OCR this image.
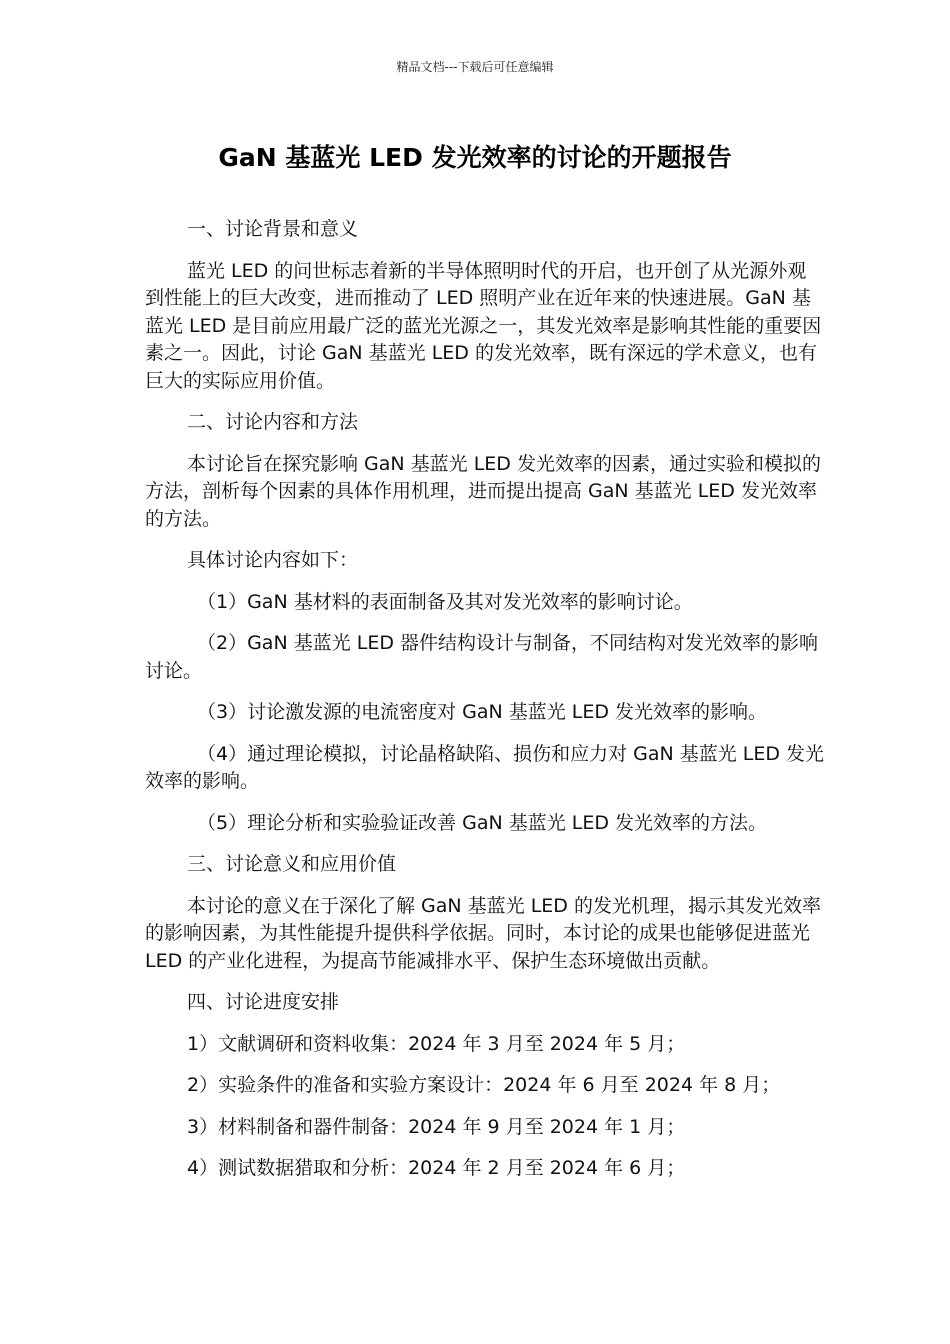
精品文档---下载后可任意编辑
GaN 基蓝光 LED 发光效率的讨论的开题报告
一、讨论背景和意义
蓝光 LED 的问世标志着新的半导体照明时代的开启，也开创了从光源外观到性能上的巨大改变，进而推动了 LED 照明产业在近年来的快速进展。GaN 基蓝光 LED 是目前应用最广泛的蓝光光源之一，其发光效率是影响其性能的重要因素之一。因此，讨论 GaN 基蓝光 LED 的发光效率，既有深远的学术意义，也有巨大的实际应用价值。
二、讨论内容和方法
本讨论旨在探究影响 GaN 基蓝光 LED 发光效率的因素，通过实验和模拟的方法，剖析每个因素的具体作用机理，进而提出提高 GaN 基蓝光 LED 发光效率的方法。
具体讨论内容如下：
（1）GaN 基材料的表面制备及其对发光效率的影响讨论。
（2）GaN 基蓝光 LED 器件结构设计与制备，不同结构对发光效率的影响讨论。
（3）讨论激发源的电流密度对 GaN 基蓝光 LED 发光效率的影响。
（4）通过理论模拟，讨论晶格缺陷、损伤和应力对 GaN 基蓝光 LED 发光效率的影响。
（5）理论分析和实验验证改善 GaN 基蓝光 LED 发光效率的方法。
三、讨论意义和应用价值
本讨论的意义在于深化了解 GaN 基蓝光 LED 的发光机理，揭示其发光效率的影响因素，为其性能提升提供科学依据。同时，本讨论的成果也能够促进蓝光 LED 的产业化进程，为提高节能减排水平、保护生态环境做出贡献。
四、讨论进度安排
1）文献调研和资料收集：2024 年 3 月至 2024 年 5 月；
2）实验条件的准备和实验方案设计：2024 年 6 月至 2024 年 8 月；
3）材料制备和器件制备：2024 年 9 月至 2024 年 1 月；
4）测试数据猎取和分析：2024 年 2 月至 2024 年 6 月；
